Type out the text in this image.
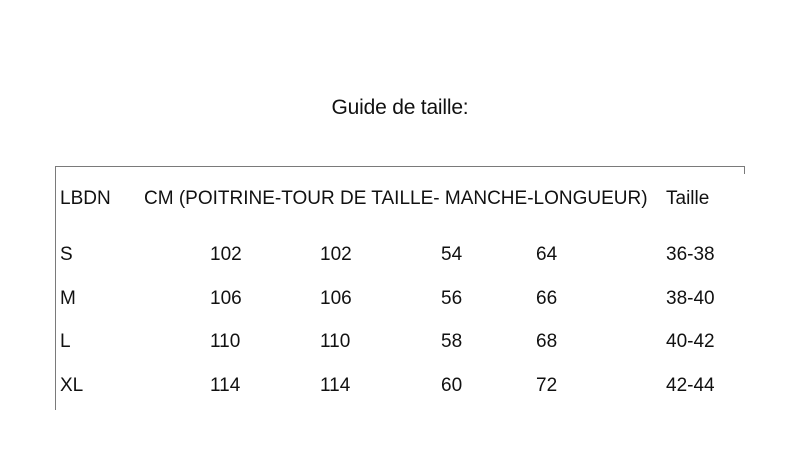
Guide de taille:
LBDN CM (POITRINE-TOUR DE TAILLE- MANCHE-LONGUEUR) Taille
S	102	102	54	64	36-38
M	106	106	56	66	38-40
L	110	110	58	68	40-42
XL	114	114	60	72	42-44
